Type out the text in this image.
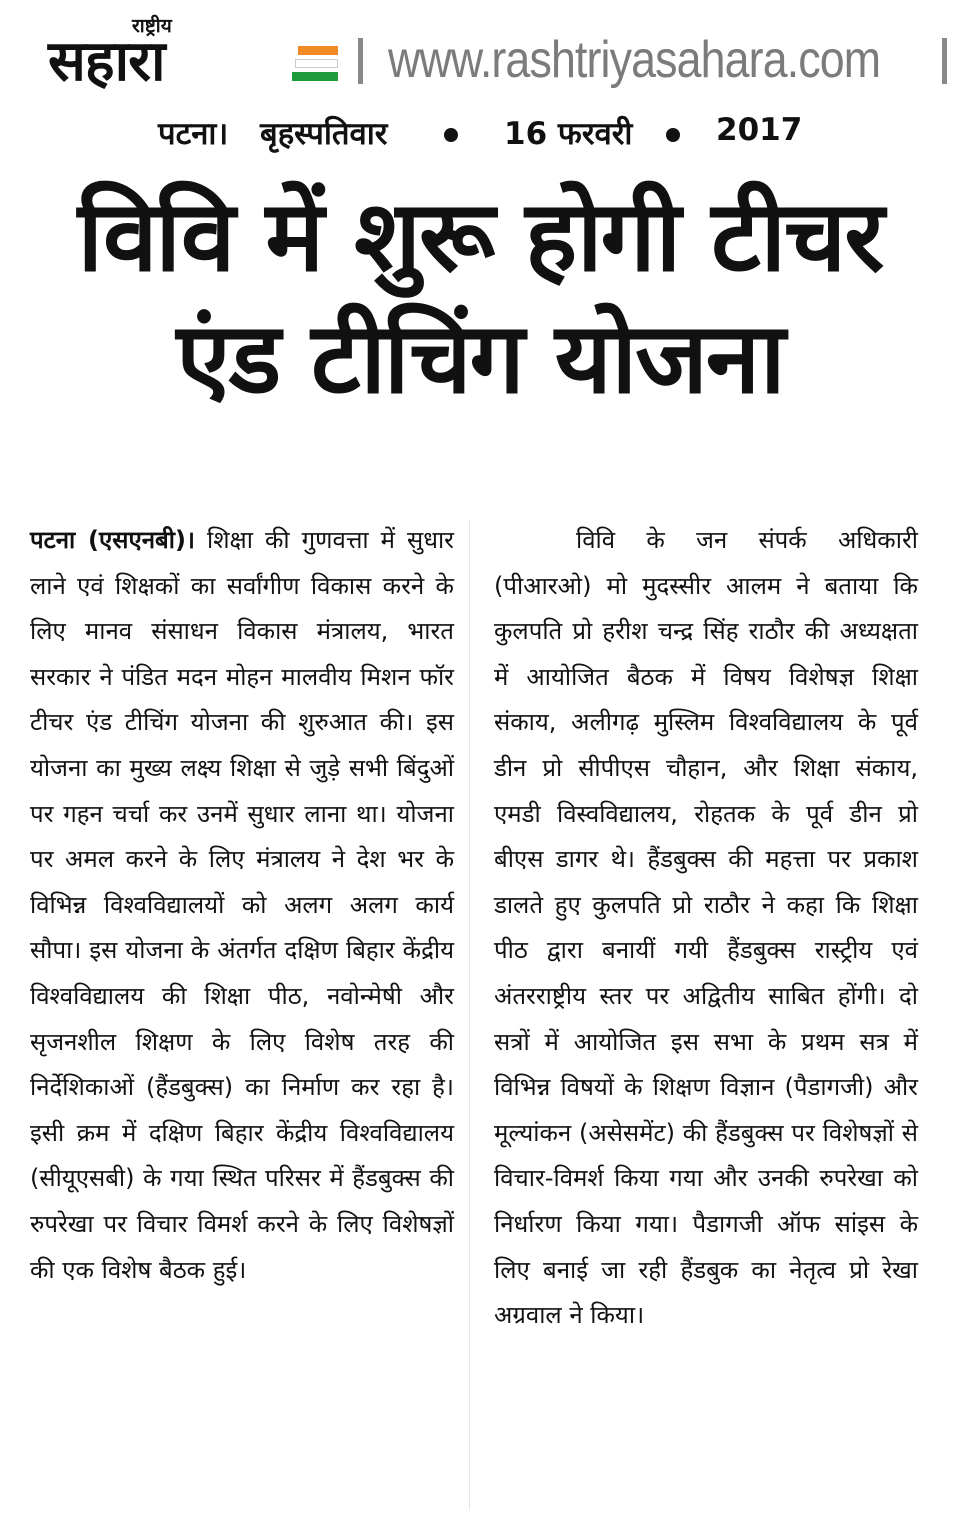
राष्ट्रीय
सहारा	www.rashtriyasahara.com
पटना। बृहस्पतिवार	16 फरवरी	2017
विवि में शुरू होगी टीचर
एंड टीचिंग योजना

पटना (एसएनबी)। शिक्षा की गुणवत्ता में सुधार लाने एवं शिक्षकों का सर्वांगीण विकास करने के लिए मानव संसाधन विकास मंत्रालय, भारत सरकार ने पंडित मदन मोहन मालवीय मिशन फॉर टीचर एंड टीचिंग योजना की शुरुआत की। इस योजना का मुख्य लक्ष्य शिक्षा से जुड़े सभी बिंदुओं पर गहन चर्चा कर उनमें सुधार लाना था। योजना पर अमल करने के लिए मंत्रालय ने देश भर के विभिन्न विश्वविद्यालयों को अलग अलग कार्य सौपा। इस योजना के अंतर्गत दक्षिण बिहार केंद्रीय विश्वविद्यालय की शिक्षा पीठ, नवोन्मेषी और सृजनशील शिक्षण के लिए विशेष तरह की निर्देशिकाओं (हैंडबुक्स) का निर्माण कर रहा है। इसी क्रम में दक्षिण बिहार केंद्रीय विश्वविद्यालय (सीयूएसबी) के गया स्थित परिसर में हैंडबुक्स की रुपरेखा पर विचार विमर्श करने के लिए विशेषज्ञों की एक विशेष बैठक हुई।

विवि के जन संपर्क अधिकारी (पीआरओ) मो मुदस्सीर आलम ने बताया कि कुलपति प्रो हरीश चन्द्र सिंह राठौर की अध्यक्षता में आयोजित बैठक में विषय विशेषज्ञ शिक्षा संकाय, अलीगढ़ मुस्लिम विश्वविद्यालय के पूर्व डीन प्रो सीपीएस चौहान, और शिक्षा संकाय, एमडी विस्वविद्यालय, रोहतक के पूर्व डीन प्रो बीएस डागर थे। हैंडबुक्स की महत्ता पर प्रकाश डालते हुए कुलपति प्रो राठौर ने कहा कि शिक्षा पीठ द्वारा बनायीं गयी हैंडबुक्स रास्ट्रीय एवं अंतरराष्ट्रीय स्तर पर अद्वितीय साबित होंगी। दो सत्रों में आयोजित इस सभा के प्रथम सत्र में विभिन्न विषयों के शिक्षण विज्ञान (पैडागजी) और मूल्यांकन (असेसमेंट) की हैंडबुक्स पर विशेषज्ञों से विचार-विमर्श किया गया और उनकी रुपरेखा को निर्धारण किया गया। पैडागजी ऑफ सांइस के लिए बनाई जा रही हैंडबुक का नेतृत्व प्रो रेखा अग्रवाल ने किया।
